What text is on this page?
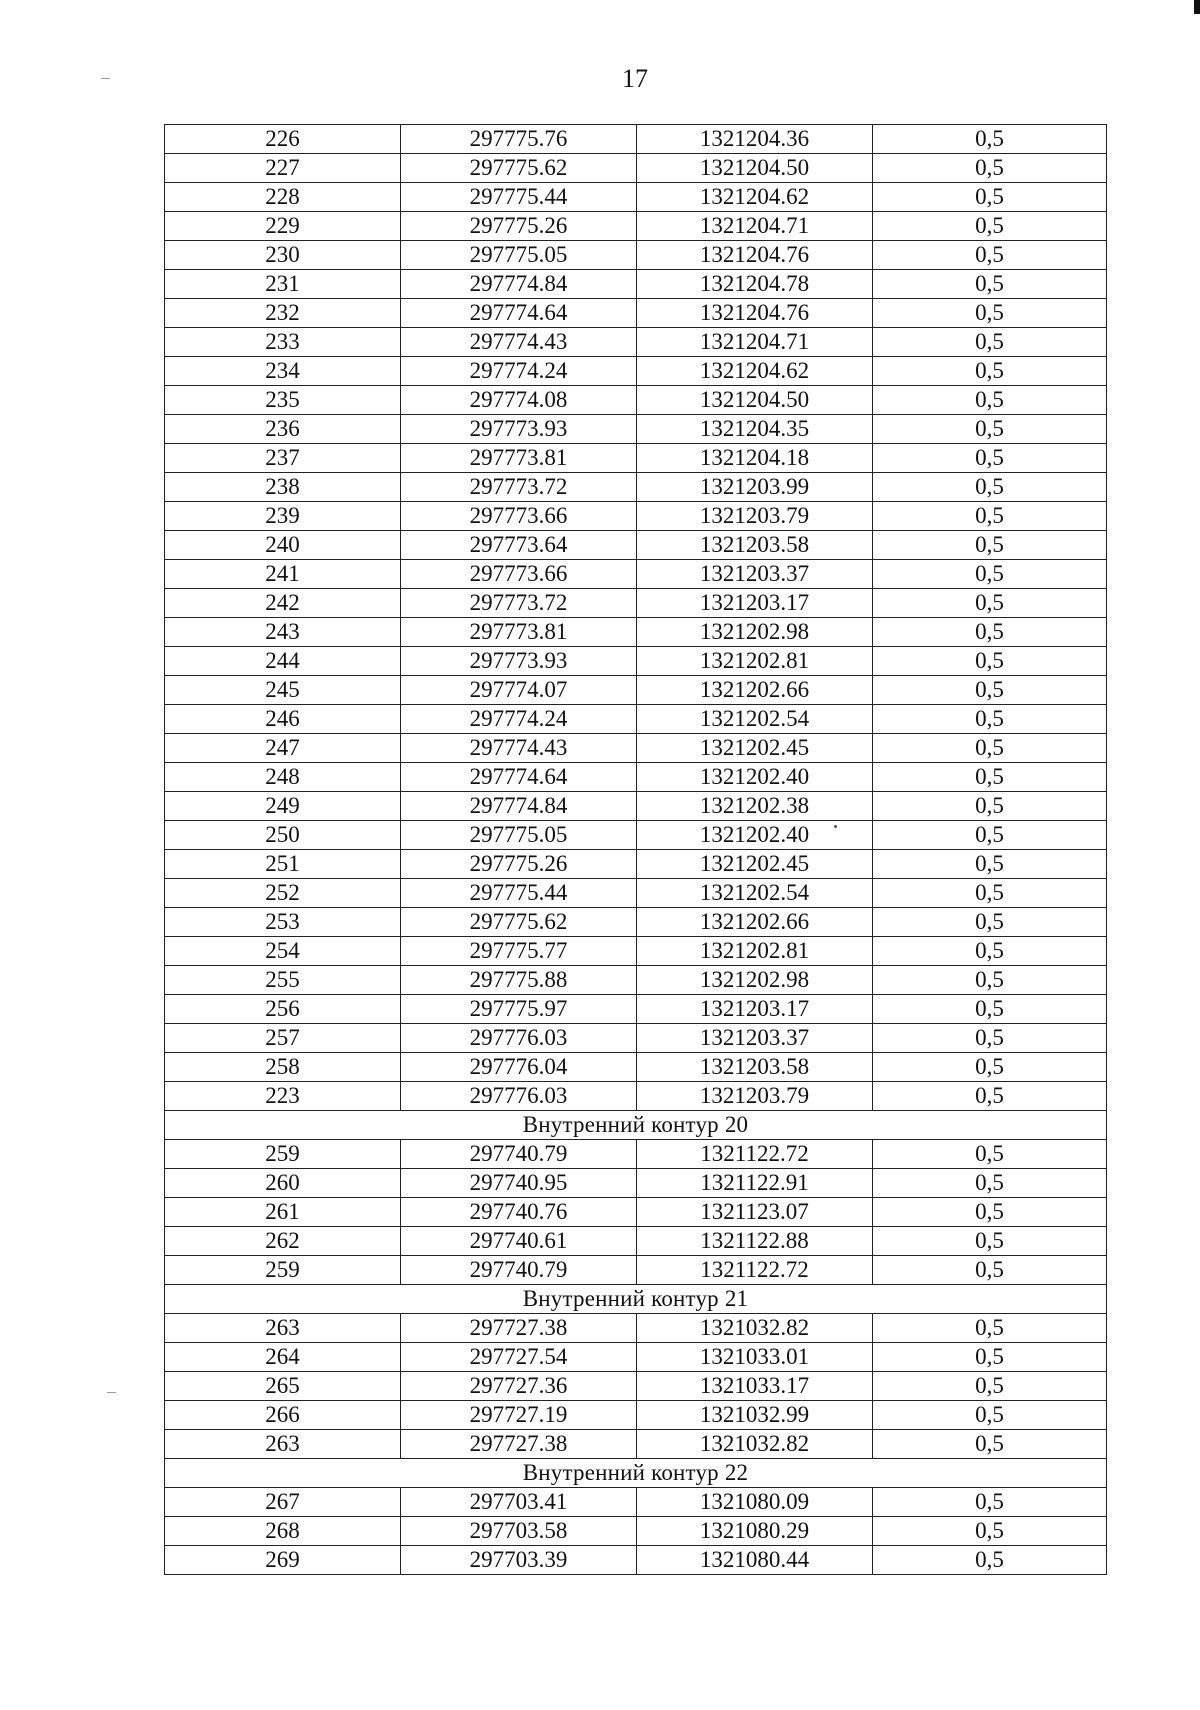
17
226	297775.76	1321204.36	0,5
227	297775.62	1321204.50	0,5
228	297775.44	1321204.62	0,5
229	297775.26	1321204.71	0,5
230	297775.05	1321204.76	0,5
231	297774.84	1321204.78	0,5
232	297774.64	1321204.76	0,5
233	297774.43	1321204.71	0,5
234	297774.24	1321204.62	0,5
235	297774.08	1321204.50	0,5
236	297773.93	1321204.35	0,5
237	297773.81	1321204.18	0,5
238	297773.72	1321203.99	0,5
239	297773.66	1321203.79	0,5
240	297773.64	1321203.58	0,5
241	297773.66	1321203.37	0,5
242	297773.72	1321203.17	0,5
243	297773.81	1321202.98	0,5
244	297773.93	1321202.81	0,5
245	297774.07	1321202.66	0,5
246	297774.24	1321202.54	0,5
247	297774.43	1321202.45	0,5
248	297774.64	1321202.40	0,5
249	297774.84	1321202.38	0,5
250	297775.05	1321202.40	0,5
251	297775.26	1321202.45	0,5
252	297775.44	1321202.54	0,5
253	297775.62	1321202.66	0,5
254	297775.77	1321202.81	0,5
255	297775.88	1321202.98	0,5
256	297775.97	1321203.17	0,5
257	297776.03	1321203.37	0,5
258	297776.04	1321203.58	0,5
223	297776.03	1321203.79	0,5
Внутренний контур 20			
259	297740.79	1321122.72	0,5
260	297740.95	1321122.91	0,5
261	297740.76	1321123.07	0,5
262	297740.61	1321122.88	0,5
259	297740.79	1321122.72	0,5
Внутренний контур 21			
263	297727.38	1321032.82	0,5
264	297727.54	1321033.01	0,5
265	297727.36	1321033.17	0,5
266	297727.19	1321032.99	0,5
263	297727.38	1321032.82	0,5
Внутренний контур 22			
267	297703.41	1321080.09	0,5
268	297703.58	1321080.29	0,5
269	297703.39	1321080.44	0,5
